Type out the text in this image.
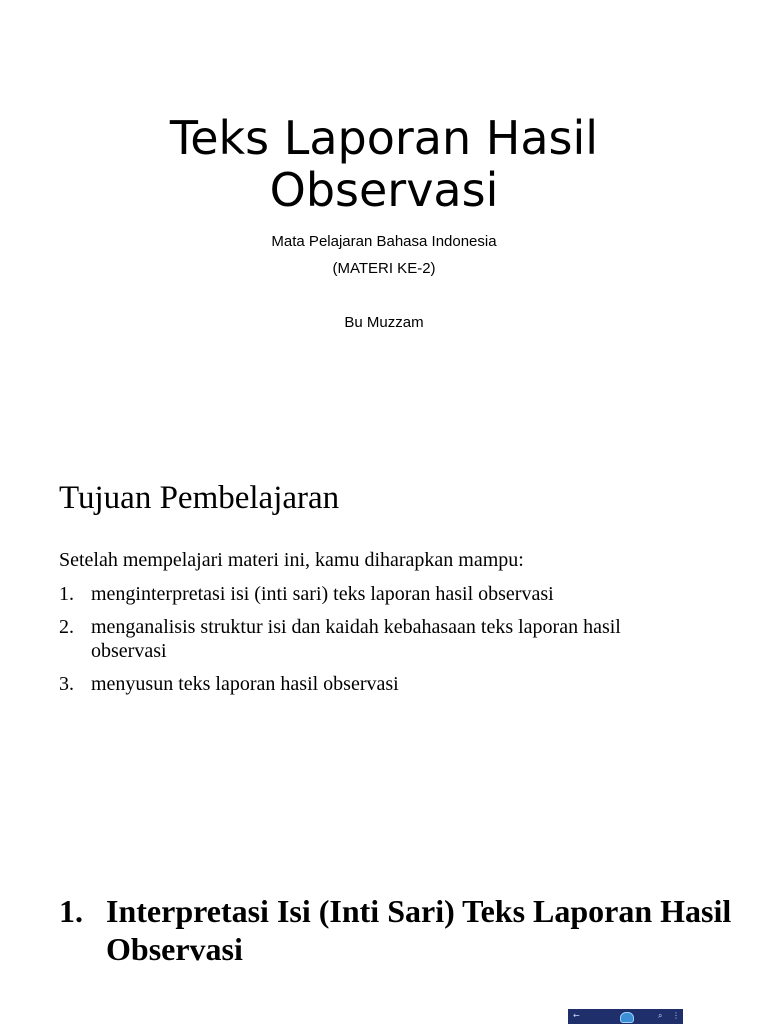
Teks Laporan Hasil
Observasi
Mata Pelajaran Bahasa Indonesia
(MATERI KE-2)
Bu Muzzam
Tujuan Pembelajaran
Setelah mempelajari materi ini, kamu diharapkan mampu:
1. menginterpretasi isi (inti sari) teks laporan hasil observasi
2. menganalisis struktur isi dan kaidah kebahasaan teks laporan hasil observasi
3. menyusun teks laporan hasil observasi
1. Interpretasi Isi (Inti Sari) Teks Laporan Hasil Observasi
←	⌕ ⋮
